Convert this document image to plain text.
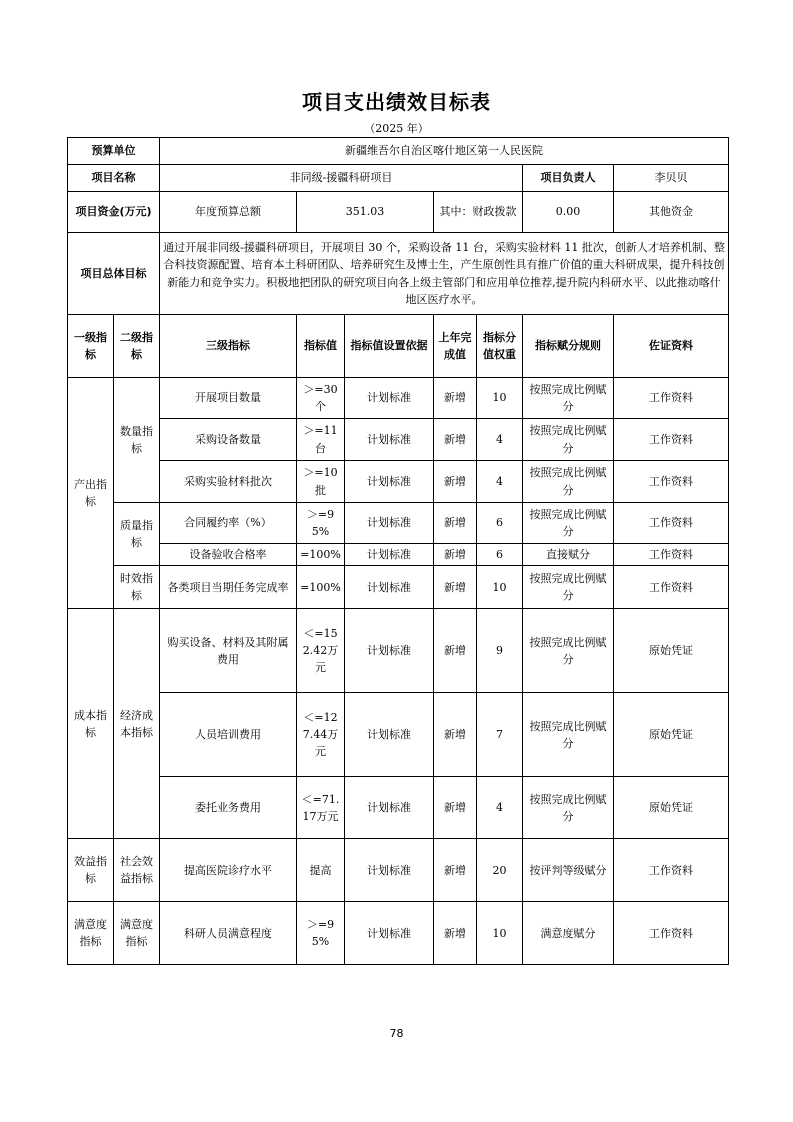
项目支出绩效目标表
（2025 年）
预算单位		新疆维吾尔自治区喀什地区第一人民医院						
项目名称		非同级-援疆科研项目					项目负责人	李贝贝
项目资金(万元)		年度预算总额	351.03		其中：财政拨款		0.00	其他资金
项目总体目标		通过开展非同级-援疆科研项目，开展项目 30 个，采购设备 11 台，采购实验材料 11 批次，创新人才培养机制、整合科技资源配置、培育本土科研团队、培养研究生及博士生，产生原创性具有推广价值的重大科研成果，提升科技创新能力和竞争实力。积极地把团队的研究项目向各上级主管部门和应用单位推荐,提升院内科研水平、以此推动喀什地区医疗水平。						
一级指标	二级指标	三级指标	指标值	指标值设置依据	上年完成值	指标分值权重	指标赋分规则	佐证资料
产出指标	数量指标	开展项目数量	＞=30个	计划标准	新增	10	按照完成比例赋分	工作资料
		采购设备数量	＞=11台	计划标准	新增	4	按照完成比例赋分	工作资料
		采购实验材料批次	＞=10批	计划标准	新增	4	按照完成比例赋分	工作资料
	质量指标	合同履约率（%）	＞=95%	计划标准	新增	6	按照完成比例赋分	工作资料
		设备验收合格率	=100%	计划标准	新增	6	直接赋分	工作资料
	时效指标	各类项目当期任务完成率	=100%	计划标准	新增	10	按照完成比例赋分	工作资料
成本指标	经济成本指标	购买设备、材料及其附属费用	＜=152.42万元	计划标准	新增	9	按照完成比例赋分	原始凭证
		人员培训费用	＜=127.44万元	计划标准	新增	7	按照完成比例赋分	原始凭证
		委托业务费用	＜=71.17万元	计划标准	新增	4	按照完成比例赋分	原始凭证
效益指标	社会效益指标	提高医院诊疗水平	提高	计划标准	新增	20	按评判等级赋分	工作资料
满意度指标	满意度指标	科研人员满意程度	＞=95%	计划标准	新增	10	满意度赋分	工作资料
78
